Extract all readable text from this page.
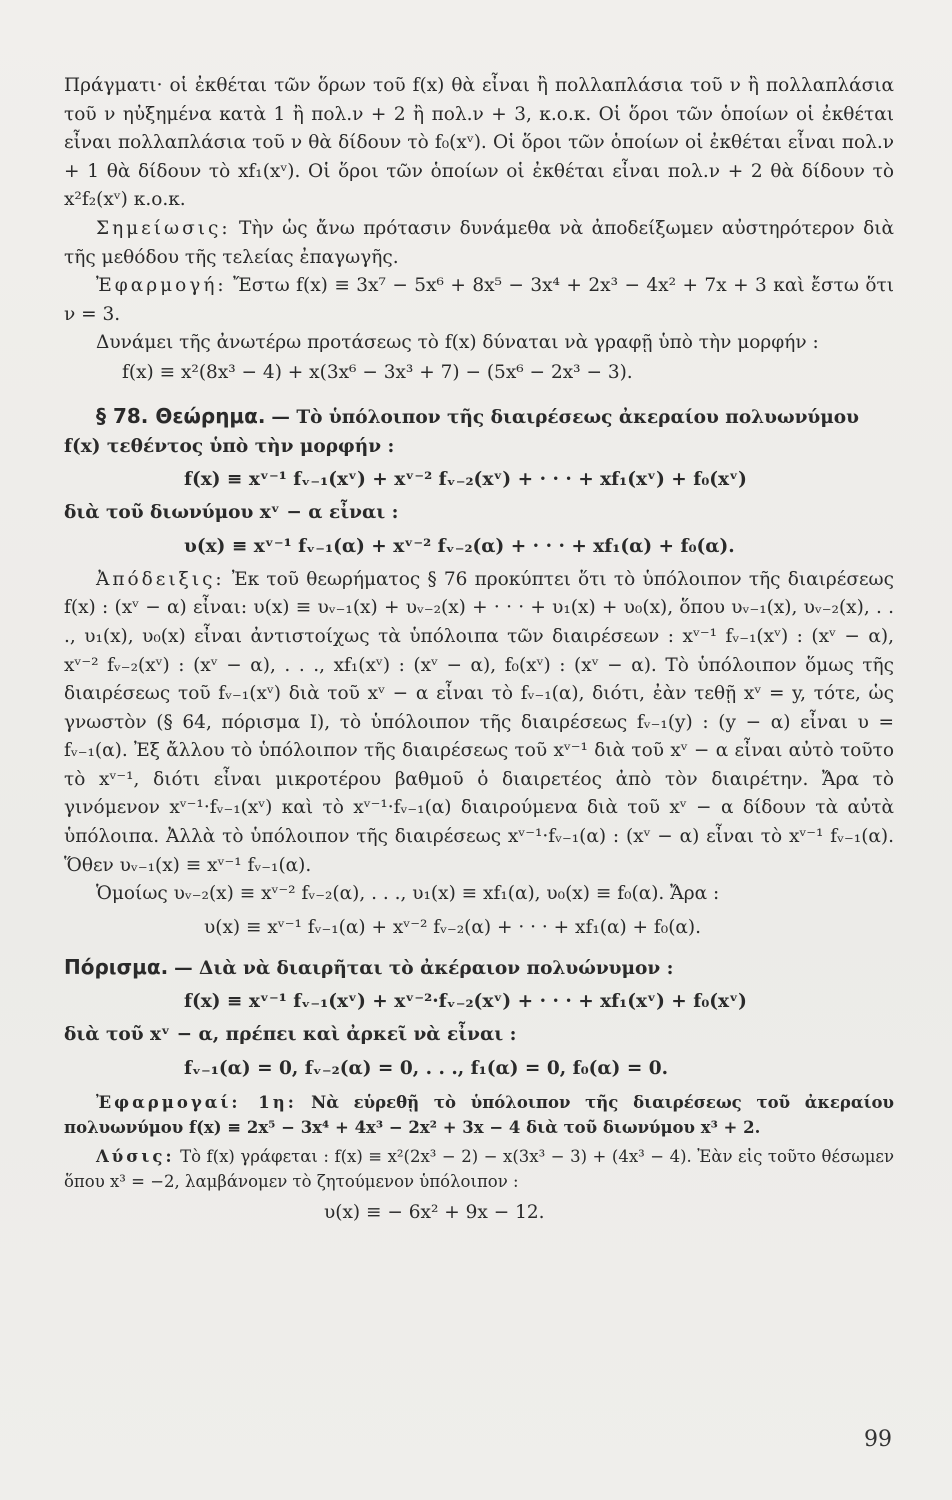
Πράγματι· οἱ ἐκθέται τῶν ὅρων τοῦ f(x) θὰ εἶναι ἢ πολλαπλάσια τοῦ ν ἢ πολλαπλάσια τοῦ ν ηὐξημένα κατὰ 1 ἢ πολ.ν + 2 ἢ πολ.ν + 3, κ.ο.κ. Οἱ ὅροι τῶν ὁποίων οἱ ἐκθέται εἶναι πολλαπλάσια τοῦ ν θὰ δίδουν τὸ f₀(xᵛ). Οἱ ὅροι τῶν ὁποίων οἱ ἐκθέται εἶναι πολ.ν + 1 θὰ δίδουν τὸ xf₁(xᵛ). Οἱ ὅροι τῶν ὁποίων οἱ ἐκθέται εἶναι πολ.ν + 2 θὰ δίδουν τὸ x²f₂(xᵛ) κ.ο.κ.

Σημείωσις: Τὴν ὡς ἄνω πρότασιν δυνάμεθα νὰ ἀποδείξωμεν αὐστηρότερον διὰ τῆς μεθόδου τῆς τελείας ἐπαγωγῆς.

Ἐφαρμογή: Ἔστω f(x) ≡ 3x⁷ − 5x⁶ + 8x⁵ − 3x⁴ + 2x³ − 4x² + 7x + 3 καὶ ἔστω ὅτι ν = 3.

Δυνάμει τῆς ἀνωτέρω προτάσεως τὸ f(x) δύναται νὰ γραφῇ ὑπὸ τὴν μορφήν :

f(x) ≡ x²(8x³ − 4) + x(3x⁶ − 3x³ + 7) − (5x⁶ − 2x³ − 3).

§ 78. Θεώρημα. — Τὸ ὑπόλοιπον τῆς διαιρέσεως ἀκεραίου πολυωνύμου f(x) τεθέντος ὑπὸ τὴν μορφήν :

f(x) ≡ xᵛ⁻¹ fᵥ₋₁(xᵛ) + xᵛ⁻² fᵥ₋₂(xᵛ) + · · · + xf₁(xᵛ) + f₀(xᵛ)

διὰ τοῦ διωνύμου xᵛ − α εἶναι :

υ(x) ≡ xᵛ⁻¹ fᵥ₋₁(α) + xᵛ⁻² fᵥ₋₂(α) + · · · + xf₁(α) + f₀(α).

Ἀπόδειξις: Ἐκ τοῦ θεωρήματος § 76 προκύπτει ὅτι τὸ ὑπόλοιπον τῆς διαιρέσεως f(x) : (xᵛ − α) εἶναι: υ(x) ≡ υᵥ₋₁(x) + υᵥ₋₂(x) + · · · + υ₁(x) + υ₀(x), ὅπου υᵥ₋₁(x), υᵥ₋₂(x), . . ., υ₁(x), υ₀(x) εἶναι ἀντιστοίχως τὰ ὑπόλοιπα τῶν διαιρέσεων : xᵛ⁻¹ fᵥ₋₁(xᵛ) : (xᵛ − α), xᵛ⁻² fᵥ₋₂(xᵛ) : (xᵛ − α), . . ., xf₁(xᵛ) : (xᵛ − α), f₀(xᵛ) : (xᵛ − α). Τὸ ὑπόλοιπον ὅμως τῆς διαιρέσεως τοῦ fᵥ₋₁(xᵛ) διὰ τοῦ xᵛ − α εἶναι τὸ fᵥ₋₁(α), διότι, ἐὰν τεθῇ xᵛ = y, τότε, ὡς γνωστὸν (§ 64, πόρισμα I), τὸ ὑπόλοιπον τῆς διαιρέσεως fᵥ₋₁(y) : (y − α) εἶναι υ = fᵥ₋₁(α). Ἐξ ἄλλου τὸ ὑπόλοιπον τῆς διαιρέσεως τοῦ xᵛ⁻¹ διὰ τοῦ xᵛ − α εἶναι αὐτὸ τοῦτο τὸ xᵛ⁻¹, διότι εἶναι μικροτέρου βαθμοῦ ὁ διαιρετέος ἀπὸ τὸν διαιρέτην. Ἄρα τὸ γινόμενον xᵛ⁻¹·fᵥ₋₁(xᵛ) καὶ τὸ xᵛ⁻¹·fᵥ₋₁(α) διαιρούμενα διὰ τοῦ xᵛ − α δίδουν τὰ αὐτὰ ὑπόλοιπα. Ἀλλὰ τὸ ὑπόλοιπον τῆς διαιρέσεως xᵛ⁻¹·fᵥ₋₁(α) : (xᵛ − α) εἶναι τὸ xᵛ⁻¹ fᵥ₋₁(α). Ὅθεν υᵥ₋₁(x) ≡ xᵛ⁻¹ fᵥ₋₁(α).

Ὁμοίως υᵥ₋₂(x) ≡ xᵛ⁻² fᵥ₋₂(α), . . ., υ₁(x) ≡ xf₁(α), υ₀(x) ≡ f₀(α). Ἄρα :

υ(x) ≡ xᵛ⁻¹ fᵥ₋₁(α) + xᵛ⁻² fᵥ₋₂(α) + · · · + xf₁(α) + f₀(α).

Πόρισμα. — Διὰ νὰ διαιρῆται τὸ ἀκέραιον πολυώνυμον :

f(x) ≡ xᵛ⁻¹ fᵥ₋₁(xᵛ) + xᵛ⁻²·fᵥ₋₂(xᵛ) + · · · + xf₁(xᵛ) + f₀(xᵛ)

διὰ τοῦ xᵛ − α, πρέπει καὶ ἀρκεῖ νὰ εἶναι :

fᵥ₋₁(α) = 0, fᵥ₋₂(α) = 0, . . ., f₁(α) = 0, f₀(α) = 0.

Ἐφαρμογαί: 1η: Νὰ εὑρεθῇ τὸ ὑπόλοιπον τῆς διαιρέσεως τοῦ ἀκεραίου πολυωνύμου f(x) ≡ 2x⁵ − 3x⁴ + 4x³ − 2x² + 3x − 4 διὰ τοῦ διωνύμου x³ + 2.

Λύσις: Τὸ f(x) γράφεται : f(x) ≡ x²(2x³ − 2) − x(3x³ − 3) + (4x³ − 4). Ἐὰν εἰς τοῦτο θέσωμεν ὅπου x³ = −2, λαμβάνομεν τὸ ζητούμενον ὑπόλοιπον :

υ(x) ≡ − 6x² + 9x − 12.

99
